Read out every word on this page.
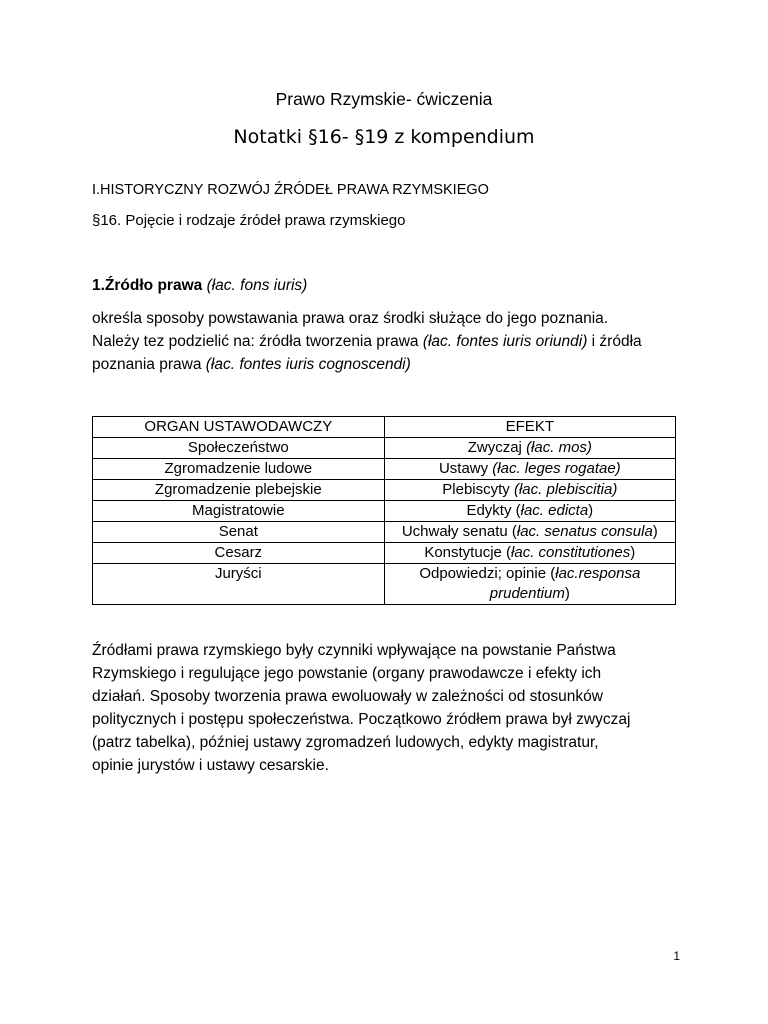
Prawo Rzymskie- ćwiczenia
Notatki §16- §19 z kompendium
I.HISTORYCZNY ROZWÓJ ŹRÓDEŁ PRAWA RZYMSKIEGO
§16. Pojęcie i rodzaje źródeł prawa rzymskiego
1.Źródło prawa (łac. fons iuris)
określa sposoby powstawania prawa oraz środki służące do jego poznania.
Należy tez podzielić na: źródła tworzenia prawa (łac. fontes iuris oriundi) i źródła
poznania prawa (łac. fontes iuris cognoscendi)
ORGAN USTAWODAWCZY	EFEKT
Społeczeństwo	Zwyczaj (łac. mos)
Zgromadzenie ludowe	Ustawy (łac. leges rogatae)
Zgromadzenie plebejskie	Plebiscyty (łac. plebiscitia)
Magistratowie	Edykty (łac. edicta)
Senat	Uchwały senatu (łac. senatus consula)
Cesarz	Konstytucje (łac. constitutiones)
Juryści	Odpowiedzi; opinie (łac.responsa prudentium)
Źródłami prawa rzymskiego były czynniki wpływające na powstanie Państwa
Rzymskiego i regulujące jego powstanie (organy prawodawcze i efekty ich
działań. Sposoby tworzenia prawa ewoluowały w zależności od stosunków
politycznych i postępu społeczeństwa. Początkowo źródłem prawa był zwyczaj
(patrz tabelka), później ustawy zgromadzeń ludowych, edykty magistratur,
opinie jurystów i ustawy cesarskie.
1
